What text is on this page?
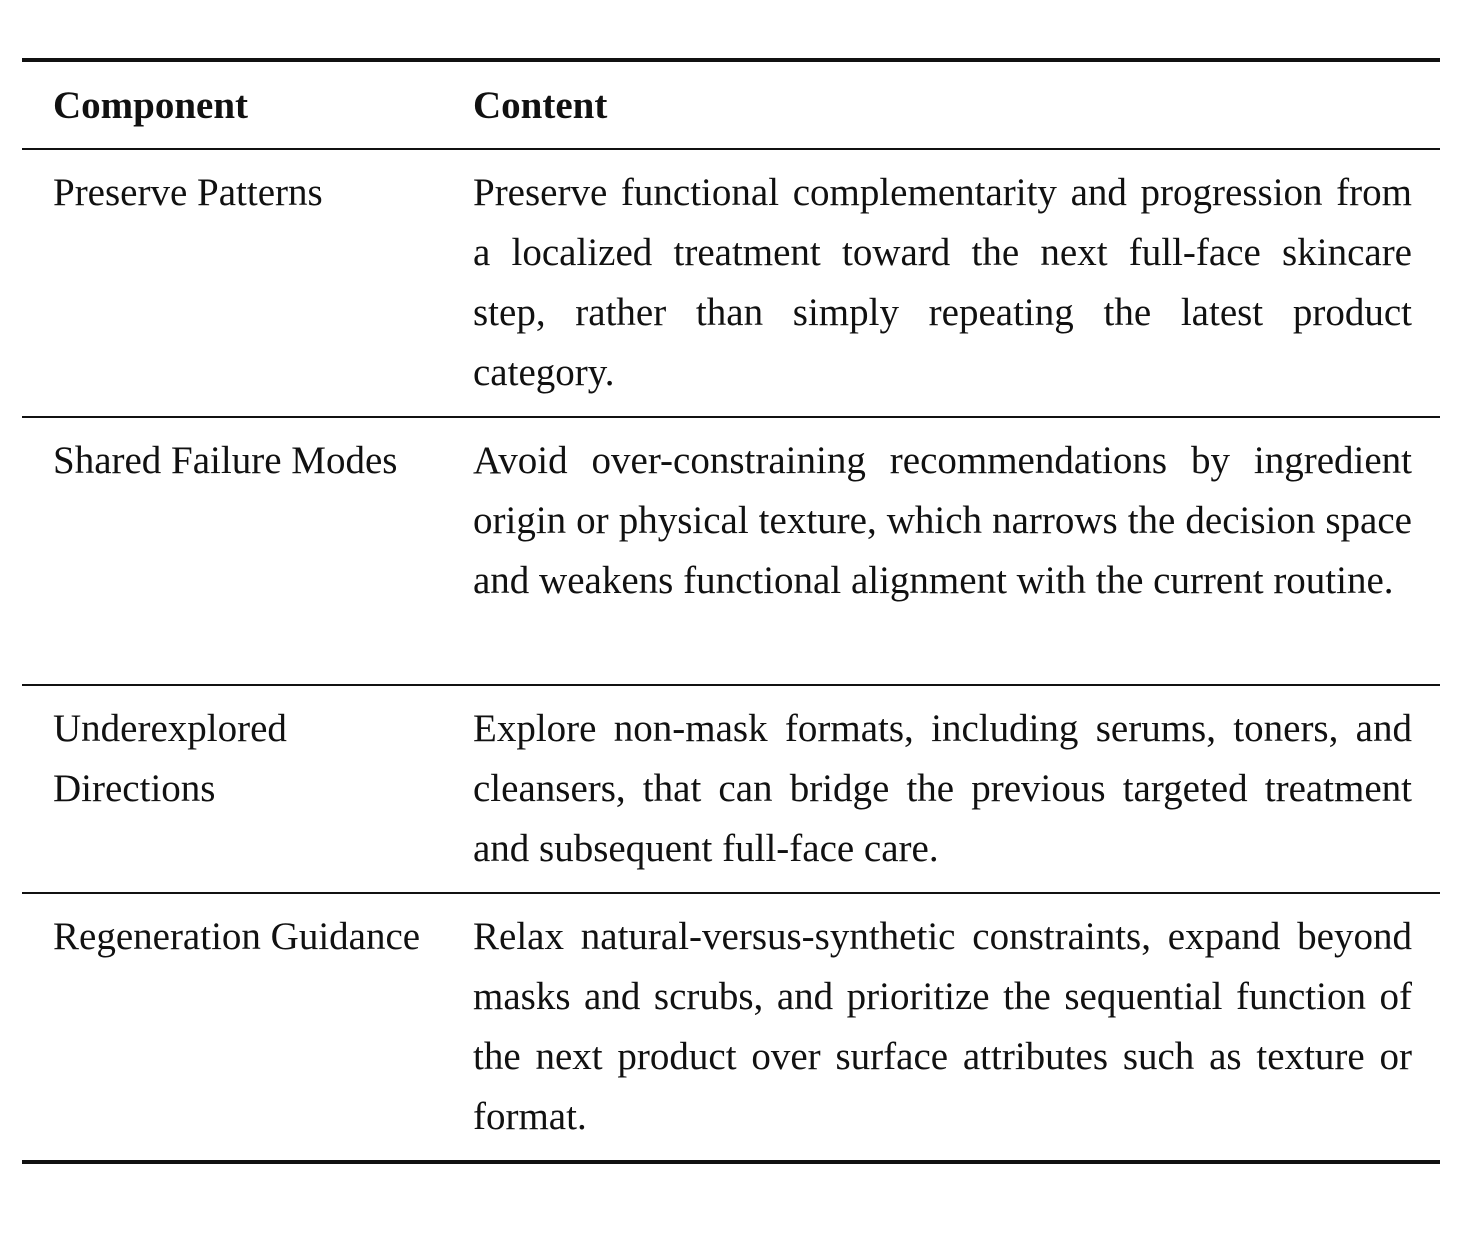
Component	Content
Preserve Patterns	Preserve functional complementarity and progression from a localized treatment toward the next full-face skincare step, rather than simply repeating the latest product category.
Shared Failure Modes	Avoid over-constraining recommendations by ingredient origin or physical texture, which narrows the decision space and weakens functional alignment with the current routine.
Underexplored Directions	Explore non-mask formats, including serums, toners, and cleansers, that can bridge the previous targeted treatment and subsequent full-face care.
Regeneration Guidance	Relax natural-versus-synthetic constraints, expand beyond masks and scrubs, and prioritize the sequential function of the next product over surface attributes such as texture or format.
